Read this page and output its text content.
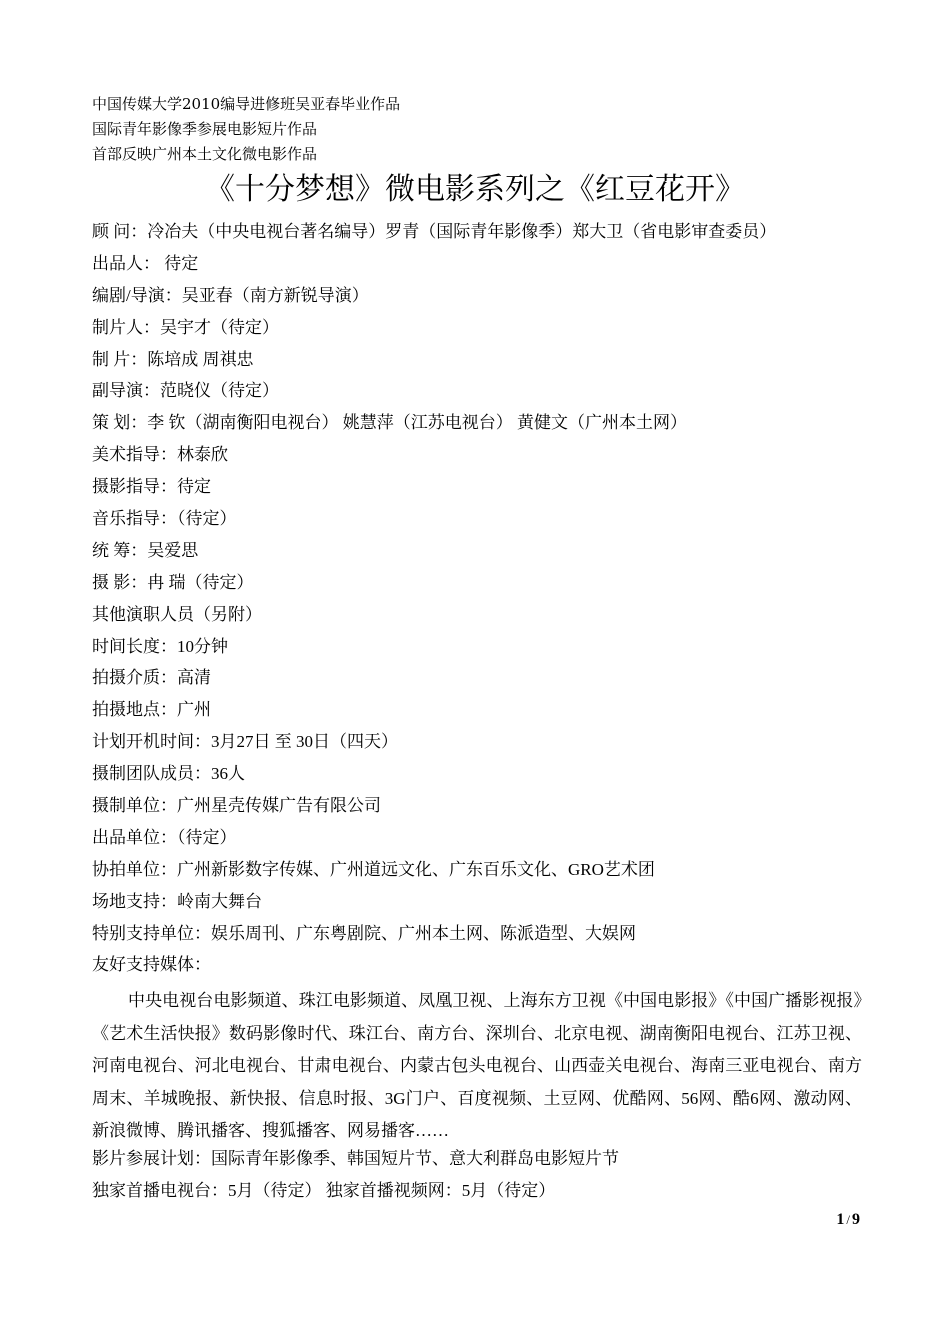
中国传媒大学2010编导进修班吴亚春毕业作品
国际青年影像季参展电影短片作品
首部反映广州本土文化微电影作品
《十分梦想》微电影系列之《红豆花开》
顾 问：冷冶夫（中央电视台著名编导）罗青（国际青年影像季）郑大卫（省电影审查委员）
出品人： 待定
编剧/导演：吴亚春（南方新锐导演）
制片人：吴宇才（待定）
制 片：陈培成 周祺忠
副导演：范晓仪（待定）
策 划：李 钦（湖南衡阳电视台） 姚慧萍（江苏电视台） 黄健文（广州本土网）
美术指导：林泰欣
摄影指导：待定
音乐指导：（待定）
统 筹：吴爱思
摄 影：冉 瑞（待定）
其他演职人员（另附）
时间长度：10分钟
拍摄介质：高清
拍摄地点：广州
计划开机时间：3月27日 至 30日（四天）
摄制团队成员：36人
摄制单位：广州星壳传媒广告有限公司
出品单位：（待定）
协拍单位：广州新影数字传媒、广州道远文化、广东百乐文化、GRO艺术团
场地支持：岭南大舞台
特别支持单位：娱乐周刊、广东粤剧院、广州本土网、陈派造型、大娱网
友好支持媒体：
中央电视台电影频道、珠江电影频道、凤凰卫视、上海东方卫视《中国电影报》《中国广播影视报》《艺术生活快报》数码影像时代、珠江台、南方台、深圳台、北京电视、湖南衡阳电视台、江苏卫视、河南电视台、河北电视台、甘肃电视台、内蒙古包头电视台、山西壶关电视台、海南三亚电视台、南方周末、羊城晚报、新快报、信息时报、3G门户、百度视频、土豆网、优酷网、56网、酷6网、激动网、新浪微博、腾讯播客、搜狐播客、网易播客……
影片参展计划：国际青年影像季、韩国短片节、意大利群岛电影短片节
独家首播电视台：5月（待定） 独家首播视频网：5月（待定）
1 / 9
